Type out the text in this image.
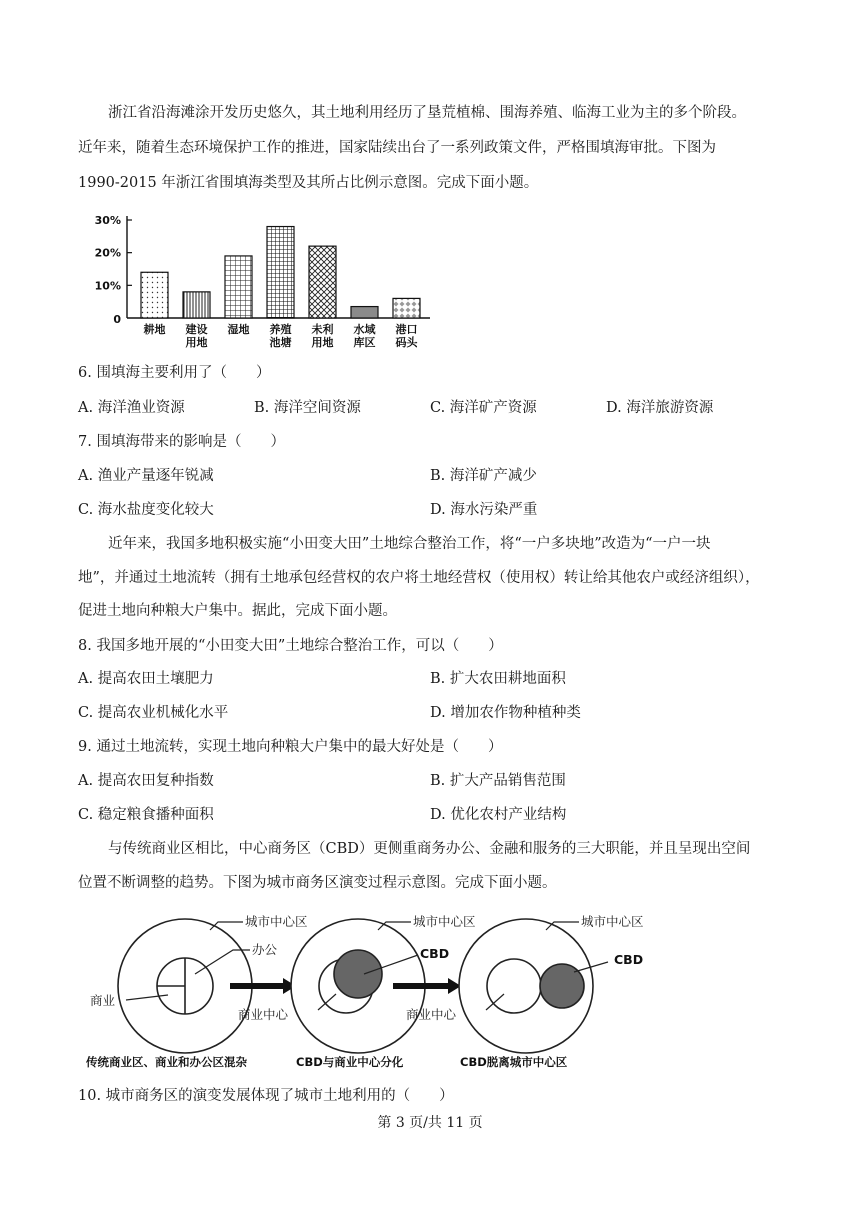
浙江省沿海滩涂开发历史悠久，其土地利用经历了垦荒植棉、围海养殖、临海工业为主的多个阶段。
近年来，随着生态环境保护工作的推进，国家陆续出台了一系列政策文件，严格围填海审批。下图为
1990-2015 年浙江省围填海类型及其所占比例示意图。完成下面小题。
0
10%
20%
30%
耕地 建设
用地
湿地 养殖
池塘
未利
用地
水域
库区
港口
码头
6. 围填海主要利用了（　　）
A. 海洋渔业资源	B. 海洋空间资源	C. 海洋矿产资源	D. 海洋旅游资源
7. 围填海带来的影响是（　　）
A. 渔业产量逐年锐减	B. 海洋矿产减少
C. 海水盐度变化较大	D. 海水污染严重
近年来，我国多地积极实施“小田变大田”土地综合整治工作，将“一户多块地”改造为“一户一块
地”，并通过土地流转（拥有土地承包经营权的农户将土地经营权（使用权）转让给其他农户或经济组织），
促进土地向种粮大户集中。据此，完成下面小题。
8. 我国多地开展的“小田变大田”土地综合整治工作，可以（　　）
A. 提高农田土壤肥力	B. 扩大农田耕地面积
C. 提高农业机械化水平	D. 增加农作物种植种类
9. 通过土地流转，实现土地向种粮大户集中的最大好处是（　　）
A. 提高农田复种指数	B. 扩大产品销售范围
C. 稳定粮食播种面积	D. 优化农村产业结构
与传统商业区相比，中心商务区（CBD）更侧重商务办公、金融和服务的三大职能，并且呈现出空间
位置不断调整的趋势。下图为城市商务区演变过程示意图。完成下面小题。
城市中心区
办公
商业
城市中心区
CBD
商业中心
城市中心区
CBD
商业中心
传统商业区、商业和办公区混杂	CBD与商业中心分化	CBD脱离城市中心区
10. 城市商务区的演变发展体现了城市土地利用的（　　）
第 3 页/共 11 页
